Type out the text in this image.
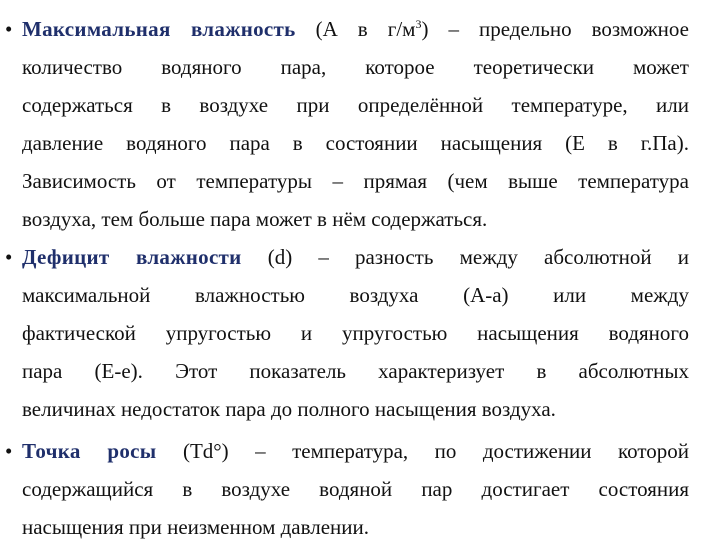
• Максимальная влажность (А в $г/м^3$) – предельно возможное
количество водяного пара, которое теоретически может
содержаться в воздухе при определённой температуре, или
давление водяного пара в состоянии насыщения (Е в г.Па).
Зависимость от температуры – прямая (чем выше температура
воздуха, тем больше пара может в нём содержаться.
• Дефицит влажности (d) – разность между абсолютной и
максимальной влажностью воздуха (А-а) или между
фактической упругостью и упругостью насыщения водяного
пара (Е-е). Этот показатель характеризует в абсолютных
величинах недостаток пара до полного насыщения воздуха.
• Точка росы (Td°) – температура, по достижении которой
содержащийся в воздухе водяной пар достигает состояния
насыщения при неизменном давлении.
